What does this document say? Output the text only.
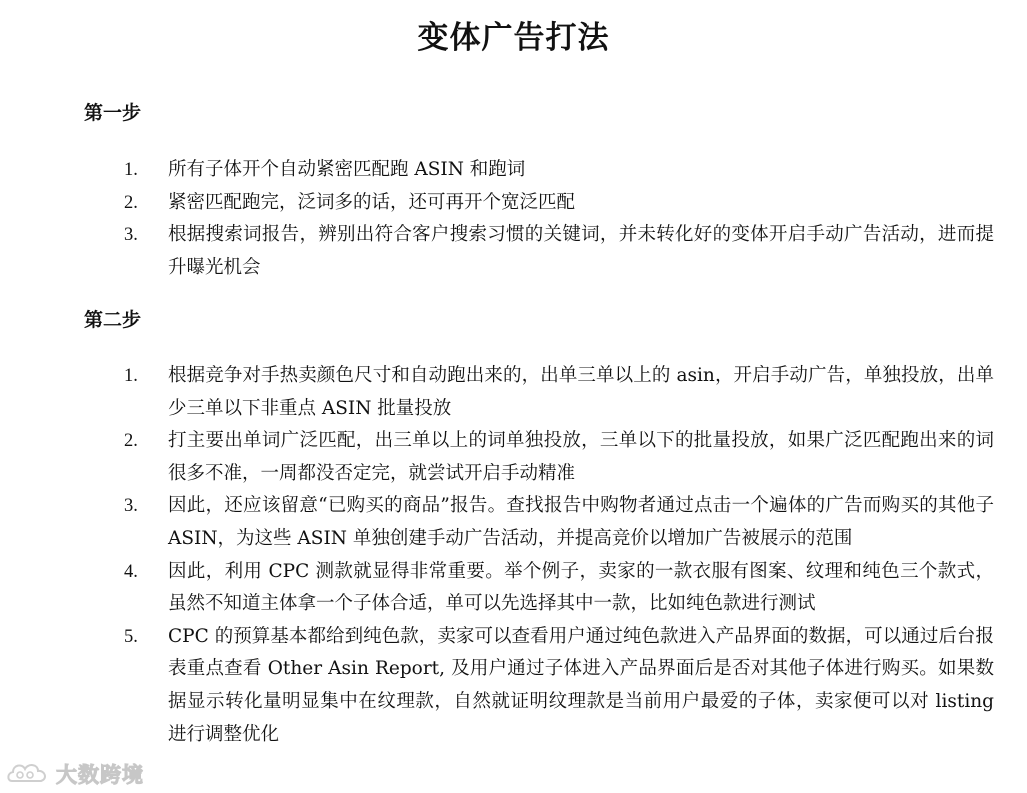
变体广告打法
第一步
1.	所有子体开个自动紧密匹配跑 ASIN 和跑词
2.	紧密匹配跑完，泛词多的话，还可再开个宽泛匹配
3.	根据搜索词报告，辨别出符合客户搜索习惯的关键词，并未转化好的变体开启手动广告活动，进而提升曝光机会
第二步
1.	根据竞争对手热卖颜色尺寸和自动跑出来的，出单三单以上的 asin，开启手动广告，单独投放，出单少三单以下非重点 ASIN 批量投放
2.	打主要出单词广泛匹配，出三单以上的词单独投放，三单以下的批量投放，如果广泛匹配跑出来的词很多不准，一周都没否定完，就尝试开启手动精准
3.	因此，还应该留意“已购买的商品”报告。查找报告中购物者通过点击一个遍体的广告而购买的其他子 ASIN，为这些 ASIN 单独创建手动广告活动，并提高竞价以增加广告被展示的范围
4.	因此，利用 CPC 测款就显得非常重要。举个例子，卖家的一款衣服有图案、纹理和纯色三个款式，虽然不知道主体拿一个子体合适，单可以先选择其中一款，比如纯色款进行测试
5.	CPC 的预算基本都给到纯色款，卖家可以查看用户通过纯色款进入产品界面的数据，可以通过后台报表重点查看 Other Asin Report, 及用户通过子体进入产品界面后是否对其他子体进行购买。如果数据显示转化量明显集中在纹理款，自然就证明纹理款是当前用户最爱的子体，卖家便可以对 listing 进行调整优化
大数跨境
